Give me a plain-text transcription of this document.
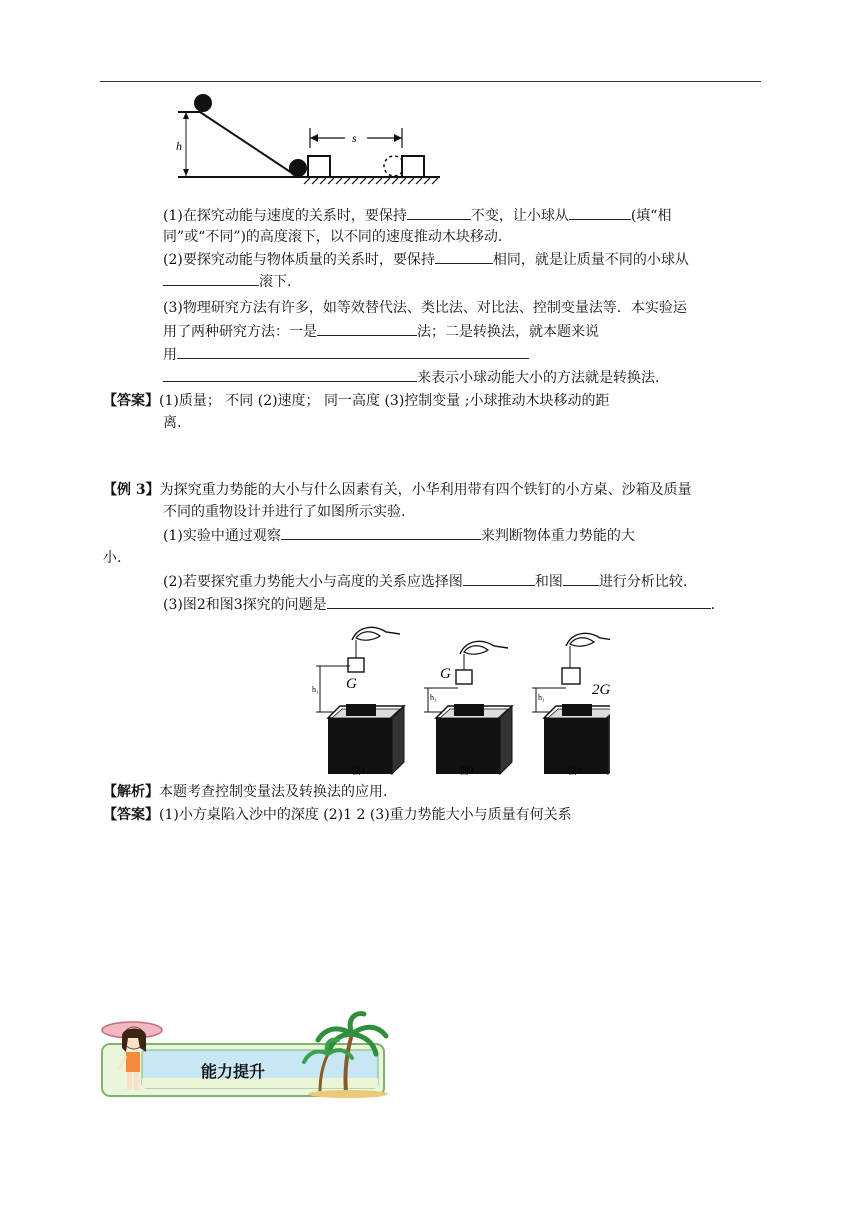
h
s
(1)在探究动能与速度的关系时，要保持	不变，让小球从	(填“相
同”或“不同”)的高度滚下，以不同的速度推动木块移动.
(2)要探究动能与物体质量的关系时，要保持	相同，就是让质量不同的小球从
滚下.
(3)物理研究方法有许多，如等效替代法、类比法、对比法、控制变量法等．本实验运
用了两种研究方法：一是	法；二是转换法，就本题来说
用
来表示小球动能大小的方法就是转换法.
【答案】(1)质量； 不同 (2)速度； 同一高度 (3)控制变量 ;小球推动木块移动的距
离.
【例 3】为探究重力势能的大小与什么因素有关，小华利用带有四个铁钉的小方桌、沙箱及质量
不同的重物设计并进行了如图所示实验.
(1)实验中通过观察	来判断物体重力势能的大
小.
(2)若要探究重力势能大小与高度的关系应选择图	和图	进行分析比较.
(3)图2和图3探究的问题是	.
G
h₁
图1
G
h₁
图2
2G
h₁
图3
【解析】本题考查控制变量法及转换法的应用.
【答案】(1)小方桌陷入沙中的深度 (2)1 2 (3)重力势能大小与质量有何关系
能力提升
